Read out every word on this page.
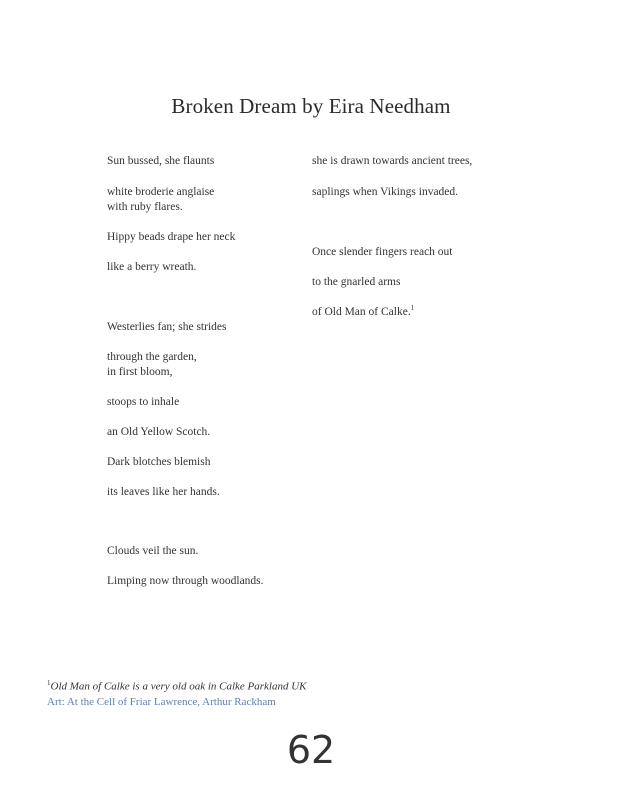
Broken Dream by Eira Needham
Sun bussed, she flaunts
white broderie anglaise
with ruby flares.
Hippy beads drape her neck
like a berry wreath.
Westerlies fan; she strides
through the garden,
in first bloom,
stoops to inhale
an Old Yellow Scotch.
Dark blotches blemish
its leaves like her hands.
Clouds veil the sun.
Limping now through woodlands.
she is drawn towards ancient trees,
saplings when Vikings invaded.
Once slender fingers reach out
to the gnarled arms
of Old Man of Calke.$^1$
$^1$Old Man of Calke is a very old oak in Calke Parkland UK
Art: At the Cell of Friar Lawrence, Arthur Rackham
62
